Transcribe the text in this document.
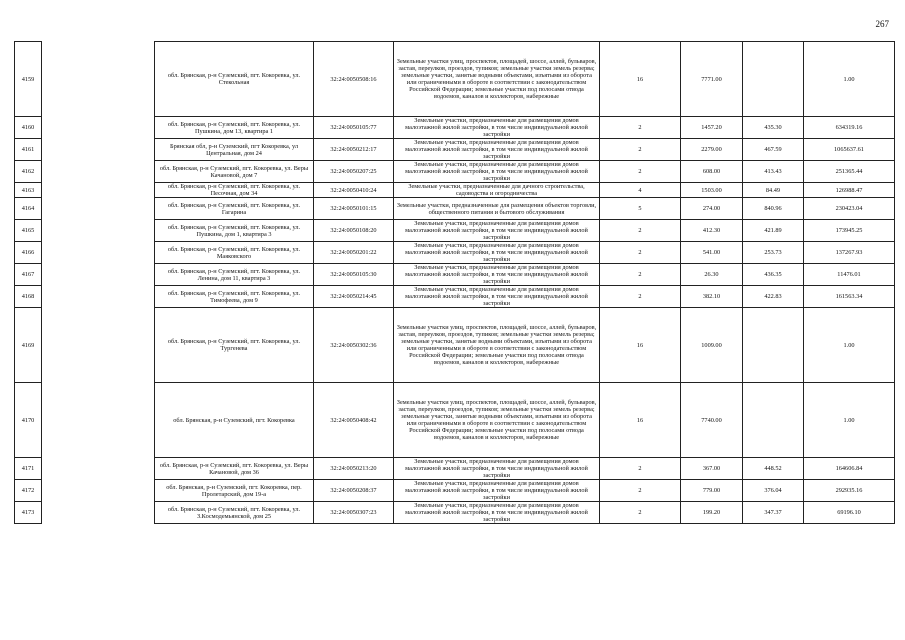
267
4159		обл. Брянская, р-н Суземский, пгт. Кокоревка, ул. Стекольная	32:24:0050508:16	Земельные участки улиц, проспектов, площадей, шоссе, аллей, бульваров, застав, переулков, проездов, тупиков; земельные участки земель резерва; земельные участки, занятые водными объектами, изъятыми из оборота или ограниченными в обороте в соответствии с законодательством Российской Федерации; земельные участки под полосами отвода водоемов, каналов и коллекторов, набережные	16	7771.00		1.00
4160		обл. Брянская, р-н Суземский, пгт. Кокоревка, ул. Пушкина, дом 13, квартира 1	32:24:0050105:77	Земельные участки, предназначенные для размещения домов малоэтажной жилой застройки, в том числе индивидуальной жилой застройки	2	1457.20	435.30	634319.16
4161		Брянская обл, р-н Суземский, пгт Кокоревка, ул Центральная, дом 24	32:24:0050212:17	Земельные участки, предназначенные для размещения домов малоэтажной жилой застройки, в том числе индивидуальной жилой застройки	2	2279.00	467.59	1065637.61
4162		обл. Брянская, р-н Суземский, пгт. Кокоревка, ул. Веры Качановой, дом 7	32:24:0050207:25	Земельные участки, предназначенные для размещения домов малоэтажной жилой застройки, в том числе индивидуальной жилой застройки	2	608.00	413.43	251365.44
4163		обл. Брянская, р-н Суземский, пгт. Кокоревка, ул. Песочная, дом 34	32:24:0050410:24	Земельные участки, предназначенные для дачного строительства, садоводства и огородничества	4	1503.00	84.49	126988.47
4164		обл. Брянская, р-н Суземский, пгт. Кокоревка, ул. Гагарина	32:24:0050101:15	Земельные участки, предназначенные для размещения объектов торговли, общественного питания и бытового обслуживания	5	274.00	840.96	230423.04
4165		обл. Брянская, р-н Суземский, пгт. Кокоревка, ул. Пушкина, дом 1, квартира 3	32:24:0050108:20	Земельные участки, предназначенные для размещения домов малоэтажной жилой застройки, в том числе индивидуальной жилой застройки	2	412.30	421.89	173945.25
4166		обл. Брянская, р-н Суземский, пгт. Кокоревка, ул. Маяковского	32:24:0050201:22	Земельные участки, предназначенные для размещения домов малоэтажной жилой застройки, в том числе индивидуальной жилой застройки	2	541.00	253.73	137267.93
4167		обл. Брянская, р-н Суземский, пгт. Кокоревка, ул. Ленина, дом 11, квартира 3	32:24:0050105:30	Земельные участки, предназначенные для размещения домов малоэтажной жилой застройки, в том числе индивидуальной жилой застройки	2	26.30	436.35	11476.01
4168		обл. Брянская, р-н Суземский, пгт. Кокоревка, ул. Тимофеева, дом 9	32:24:0050214:45	Земельные участки, предназначенные для размещения домов малоэтажной жилой застройки, в том числе индивидуальной жилой застройки	2	382.10	422.83	161563.34
4169		обл. Брянская, р-н Суземский, пгт. Кокоревка, ул. Тургенева	32:24:0050302:36	Земельные участки улиц, проспектов, площадей, шоссе, аллей, бульваров, застав, переулков, проездов, тупиков; земельные участки земель резерва; земельные участки, занятые водными объектами, изъятыми из оборота или ограниченными в обороте в соответствии с законодательством Российской Федерации; земельные участки под полосами отвода водоемов, каналов и коллекторов, набережные	16	1009.00		1.00
4170		обл. Брянская, р-н Суземский, пгт. Кокоревка	32:24:0050408:42	Земельные участки улиц, проспектов, площадей, шоссе, аллей, бульваров, застав, переулков, проездов, тупиков; земельные участки земель резерва; земельные участки, занятые водными объектами, изъятыми из оборота или ограниченными в обороте в соответствии с законодательством Российской Федерации; земельные участки под полосами отвода водоемов, каналов и коллекторов, набережные	16	7740.00		1.00
4171		обл. Брянская, р-н Суземский, пгт. Кокоревка, ул. Веры Качановой, дом 36	32:24:0050213:20	Земельные участки, предназначенные для размещения домов малоэтажной жилой застройки, в том числе индивидуальной жилой застройки	2	367.00	448.52	164606.84
4172		обл. Брянская, р-н Суземский, пгт. Кокоревка, пер. Пролетарский, дом 19-а	32:24:0050208:37	Земельные участки, предназначенные для размещения домов малоэтажной жилой застройки, в том числе индивидуальной жилой застройки	2	779.00	376.04	292935.16
4173		обл. Брянская, р-н Суземский, пгт. Кокоревка, ул. З.Космодемьянской, дом 25	32:24:0050307:23	Земельные участки, предназначенные для размещения домов малоэтажной жилой застройки, в том числе индивидуальной жилой застройки	2	199.20	347.37	69196.10
